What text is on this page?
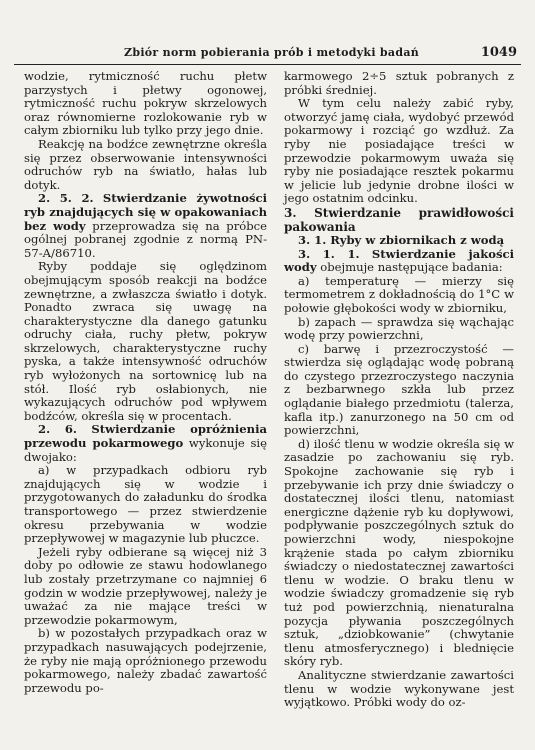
Zbiór norm pobierania prób i metodyki badań	1049

wodzie, rytmiczność ruchu płetw parzystych i płetwy ogonowej, rytmiczność ruchu pokryw skrzelowych oraz równomierne rozlokowanie ryb w całym zbiorniku lub tylko przy jego dnie.

Reakcję na bodźce zewnętrzne określa się przez obserwowanie intensywności odruchów ryb na światło, hałas lub dotyk.

2. 5. 2. Stwierdzanie żywotności ryb znajdujących się w opakowaniach bez wody przeprowadza się na próbce ogólnej pobranej zgodnie z normą PN-57-A/86710.

Ryby poddaje się oględzinom obejmującym sposób reakcji na bodźce zewnętrzne, a zwłaszcza światło i dotyk. Ponadto zwraca się uwagę na charakterystyczne dla danego gatunku odruchy ciała, ruchy płetw, pokryw skrzelowych, charakterystyczne ruchy pyska, a także intensywność odruchów ryb wyłożonych na sortownicę lub na stół. Ilość ryb osłabionych, nie wykazujących odruchów pod wpływem bodźców, określa się w procentach.

2. 6. Stwierdzanie opróżnienia przewodu pokarmowego wykonuje się dwojako:

a) w przypadkach odbioru ryb znajdujących się w wodzie i przygotowanych do załadunku do środka transportowego — przez stwierdzenie okresu przebywania w wodzie przepływowej w magazynie lub płuczce.

Jeżeli ryby odbierane są więcej niż 3 doby po odłowie ze stawu hodowlanego lub zostały przetrzymane co najmniej 6 godzin w wodzie przepływowej, należy je uważać za nie mające treści w przewodzie pokarmowym,

b) w pozostałych przypadkach oraz w przypadkach nasuwających podejrzenie, że ryby nie mają opróżnionego przewodu pokarmowego, należy zbadać zawartość przewodu po-

karmowego 2÷5 sztuk pobranych z próbki średniej.

W tym celu należy zabić ryby, otworzyć jamę ciała, wydobyć przewód pokarmowy i rozciąć go wzdłuż. Za ryby nie posiadające treści w przewodzie pokarmowym uważa się ryby nie posiadające resztek pokarmu w jelicie lub jedynie drobne ilości w jego ostatnim odcinku.

3. Stwierdzanie prawidłowości pakowania

3. 1. Ryby w zbiornikach z wodą

3. 1. 1. Stwierdzanie jakości wody obejmuje następujące badania:

a) temperaturę — mierzy się termometrem z dokładnością do 1°C w połowie głębokości wody w zbiorniku,

b) zapach — sprawdza się wąchając wodę przy powierzchni,

c) barwę i przezroczystość — stwierdza się oglądając wodę pobraną do czystego przezroczystego naczynia z bezbarwnego szkła lub przez oglądanie białego przedmiotu (talerza, kafla itp.) zanurzonego na 50 cm od powierzchni,

d) ilość tlenu w wodzie określa się w zasadzie po zachowaniu się ryb. Spokojne zachowanie się ryb i przebywanie ich przy dnie świadczy o dostatecznej ilości tlenu, natomiast energiczne dążenie ryb ku dopływowi, podpływanie poszczególnych sztuk do powierzchni wody, niespokojne krążenie stada po całym zbiorniku świadczy o niedostatecznej zawartości tlenu w wodzie. O braku tlenu w wodzie świadczy gromadzenie się ryb tuż pod powierzchnią, nienaturalna pozycja pływania poszczególnych sztuk, „dziobkowanie” (chwytanie tlenu atmosferycznego) i blednięcie skóry ryb.

Analityczne stwierdzanie zawartości tlenu w wodzie wykonywane jest wyjątkowo. Próbki wody do oz-
